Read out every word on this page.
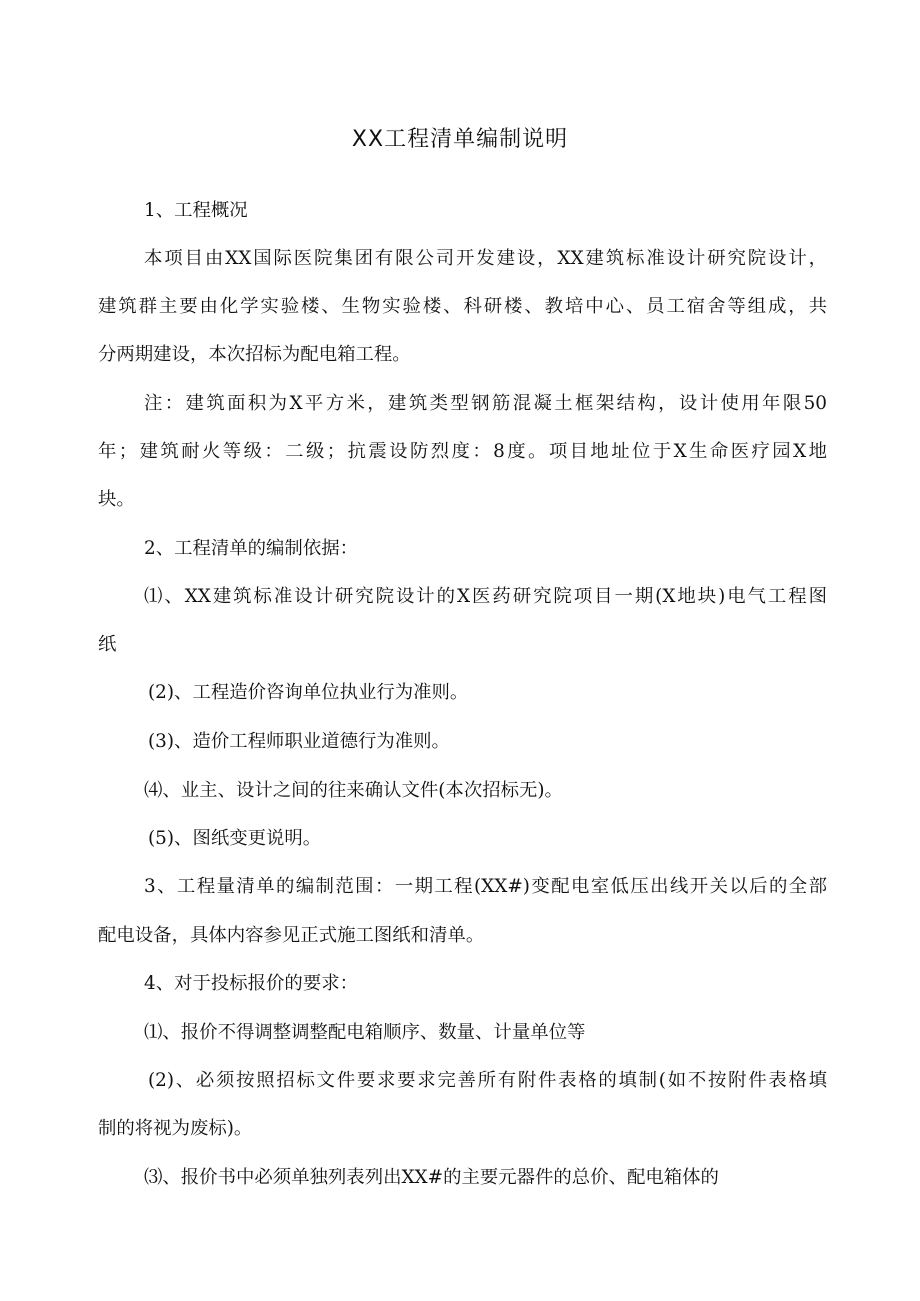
XX工程清单编制说明

1、工程概况

本项目由XX国际医院集团有限公司开发建设，XX建筑标准设计研究院设计，

建筑群主要由化学实验楼、生物实验楼、科研楼、教培中心、员工宿舍等组成，共

分两期建设，本次招标为配电箱工程。

注：建筑面积为X平方米，建筑类型钢筋混凝土框架结构，设计使用年限50

年；建筑耐火等级：二级；抗震设防烈度：8度。项目地址位于X生命医疗园X地

块。

2、工程清单的编制依据：

⑴、XX建筑标准设计研究院设计的X医药研究院项目一期(X地块)电气工程图

纸

(2)、工程造价咨询单位执业行为准则。

(3)、造价工程师职业道德行为准则。

⑷、业主、设计之间的往来确认文件(本次招标无)。

(5)、图纸变更说明。

3、工程量清单的编制范围：一期工程(XX#)变配电室低压出线开关以后的全部

配电设备，具体内容参见正式施工图纸和清单。

4、对于投标报价的要求：

⑴、报价不得调整调整配电箱顺序、数量、计量单位等

(2)、必须按照招标文件要求要求完善所有附件表格的填制(如不按附件表格填

制的将视为废标)。

⑶、报价书中必须单独列表列出XX#的主要元器件的总价、配电箱体的
